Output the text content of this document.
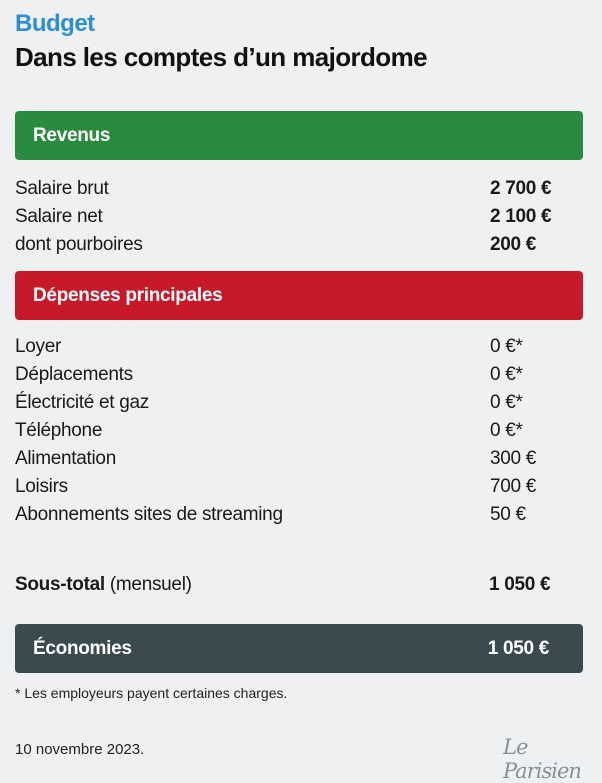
Budget
Dans les comptes d’un majordome
Revenus
Salaire brut	2 700 €
Salaire net	2 100 €
dont pourboires	200 €
Dépenses principales
Loyer	0 €*
Déplacements	0 €*
Électricité et gaz	0 €*
Téléphone	0 €*
Alimentation	300 €
Loisirs	700 €
Abonnements sites de streaming	50 €
Sous-total (mensuel)	1 050 €
Économies	1 050 €
* Les employeurs payent certaines charges.
10 novembre 2023.	Le Parisien
